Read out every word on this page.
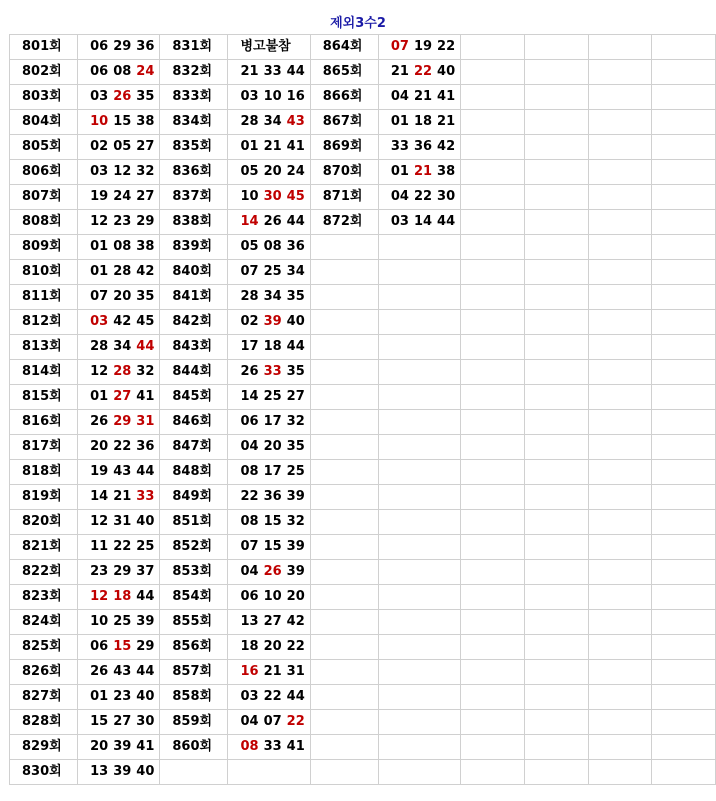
제외3수2
801회	06 29 36	831회	병고불참	864회	07 19 22				
802회	06 08 24	832회	21 33 44	865회	21 22 40				
803회	03 26 35	833회	03 10 16	866회	04 21 41				
804회	10 15 38	834회	28 34 43	867회	01 18 21				
805회	02 05 27	835회	01 21 41	869회	33 36 42				
806회	03 12 32	836회	05 20 24	870회	01 21 38				
807회	19 24 27	837회	10 30 45	871회	04 22 30				
808회	12 23 29	838회	14 26 44	872회	03 14 44				
809회	01 08 38	839회	05 08 36						
810회	01 28 42	840회	07 25 34						
811회	07 20 35	841회	28 34 35						
812회	03 42 45	842회	02 39 40						
813회	28 34 44	843회	17 18 44						
814회	12 28 32	844회	26 33 35						
815회	01 27 41	845회	14 25 27						
816회	26 29 31	846회	06 17 32						
817회	20 22 36	847회	04 20 35						
818회	19 43 44	848회	08 17 25						
819회	14 21 33	849회	22 36 39						
820회	12 31 40	851회	08 15 32						
821회	11 22 25	852회	07 15 39						
822회	23 29 37	853회	04 26 39						
823회	12 18 44	854회	06 10 20						
824회	10 25 39	855회	13 27 42						
825회	06 15 29	856회	18 20 22						
826회	26 43 44	857회	16 21 31						
827회	01 23 40	858회	03 22 44						
828회	15 27 30	859회	04 07 22						
829회	20 39 41	860회	08 33 41						
830회	13 39 40								
